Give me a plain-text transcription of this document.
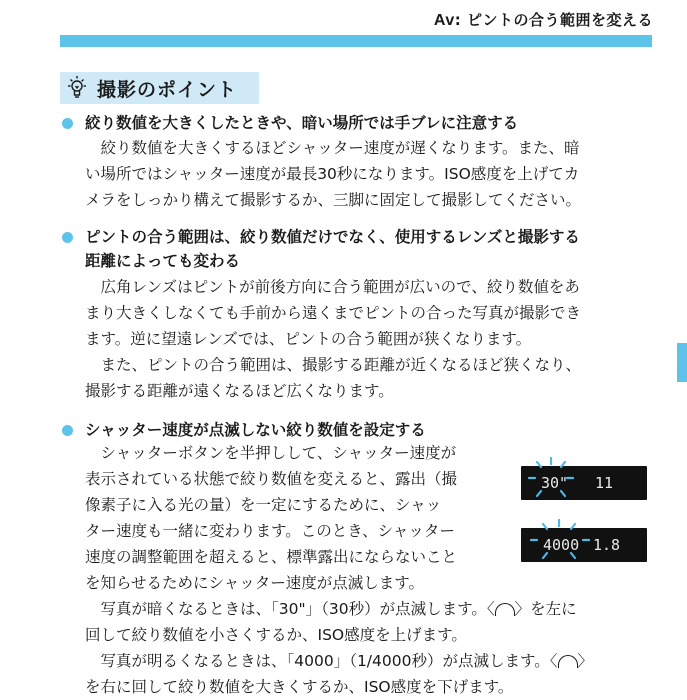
Av: ピントの合う範囲を変える
撮影のポイント
絞り数値を大きくしたときや、暗い場所では手ブレに注意する
　絞り数値を大きくするほどシャッター速度が遅くなります。また、暗
い場所ではシャッター速度が最長30秒になります。ISO感度を上げてカ
メラをしっかり構えて撮影するか、三脚に固定して撮影してください。
ピントの合う範囲は、絞り数値だけでなく、使用するレンズと撮影する
距離によっても変わる
　広角レンズはピントが前後方向に合う範囲が広いので、絞り数値をあ
まり大きくしなくても手前から遠くまでピントの合った写真が撮影でき
ます。逆に望遠レンズでは、ピントの合う範囲が狭くなります。
　また、ピントの合う範囲は、撮影する距離が近くなるほど狭くなり、
撮影する距離が遠くなるほど広くなります。
シャッター速度が点滅しない絞り数値を設定する
　シャッターボタンを半押しして、シャッター速度が
表示されている状態で絞り数値を変えると、露出（撮
像素子に入る光の量）を一定にするために、シャッ
ター速度も一緒に変わります。このとき、シャッター
速度の調整範囲を超えると、標準露出にならないこと
を知らせるためにシャッター速度が点滅します。
　写真が暗くなるときは、「30"」（30秒）が点滅します。〈 〉を左に
回して絞り数値を小さくするか、ISO感度を上げます。
　写真が明るくなるときは、「4000」（1/4000秒）が点滅します。〈 〉
を右に回して絞り数値を大きくするか、ISO感度を下げます。
30" 11
4000 1.8
